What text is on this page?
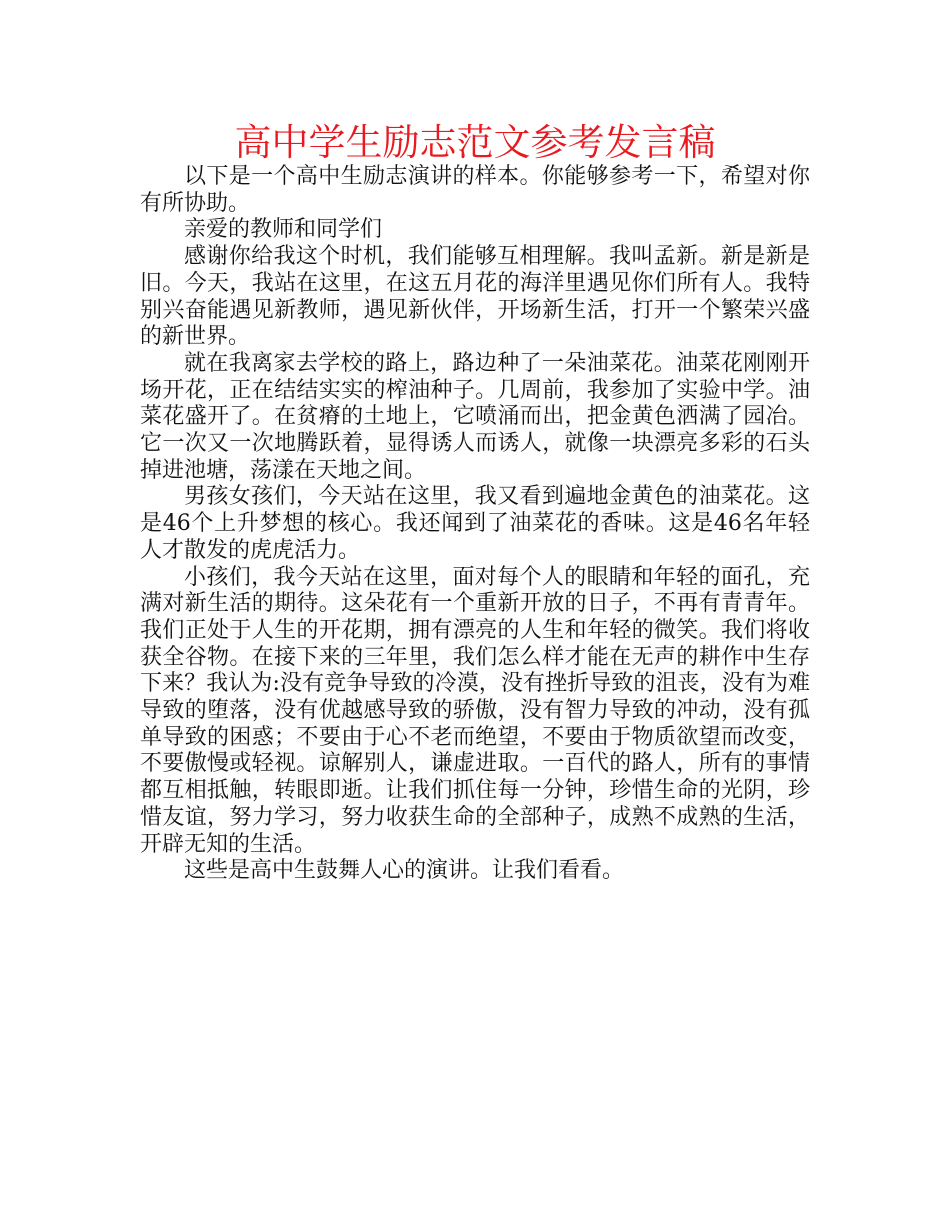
高中学生励志范文参考发言稿

以下是一个高中生励志演讲的样本。你能够参考一下，希望对你有所协助。

亲爱的教师和同学们

感谢你给我这个时机，我们能够互相理解。我叫孟新。新是新是旧。今天，我站在这里，在这五月花的海洋里遇见你们所有人。我特别兴奋能遇见新教师，遇见新伙伴，开场新生活，打开一个繁荣兴盛的新世界。

就在我离家去学校的路上，路边种了一朵油菜花。油菜花刚刚开场开花，正在结结实实的榨油种子。几周前，我参加了实验中学。油菜花盛开了。在贫瘠的土地上，它喷涌而出，把金黄色洒满了园冶。它一次又一次地腾跃着，显得诱人而诱人，就像一块漂亮多彩的石头掉进池塘，荡漾在天地之间。

男孩女孩们，今天站在这里，我又看到遍地金黄色的油菜花。这是46个上升梦想的核心。我还闻到了油菜花的香味。这是46名年轻人才散发的虎虎活力。

小孩们，我今天站在这里，面对每个人的眼睛和年轻的面孔，充满对新生活的期待。这朵花有一个重新开放的日子，不再有青青年。我们正处于人生的开花期，拥有漂亮的人生和年轻的微笑。我们将收获全谷物。在接下来的三年里，我们怎么样才能在无声的耕作中生存下来？我认为:没有竞争导致的冷漠，没有挫折导致的沮丧，没有为难导致的堕落，没有优越感导致的骄傲，没有智力导致的冲动，没有孤单导致的困惑；不要由于心不老而绝望，不要由于物质欲望而改变，不要傲慢或轻视。谅解别人，谦虚进取。一百代的路人，所有的事情都互相抵触，转眼即逝。让我们抓住每一分钟，珍惜生命的光阴，珍惜友谊，努力学习，努力收获生命的全部种子，成熟不成熟的生活，开辟无知的生活。

这些是高中生鼓舞人心的演讲。让我们看看。
